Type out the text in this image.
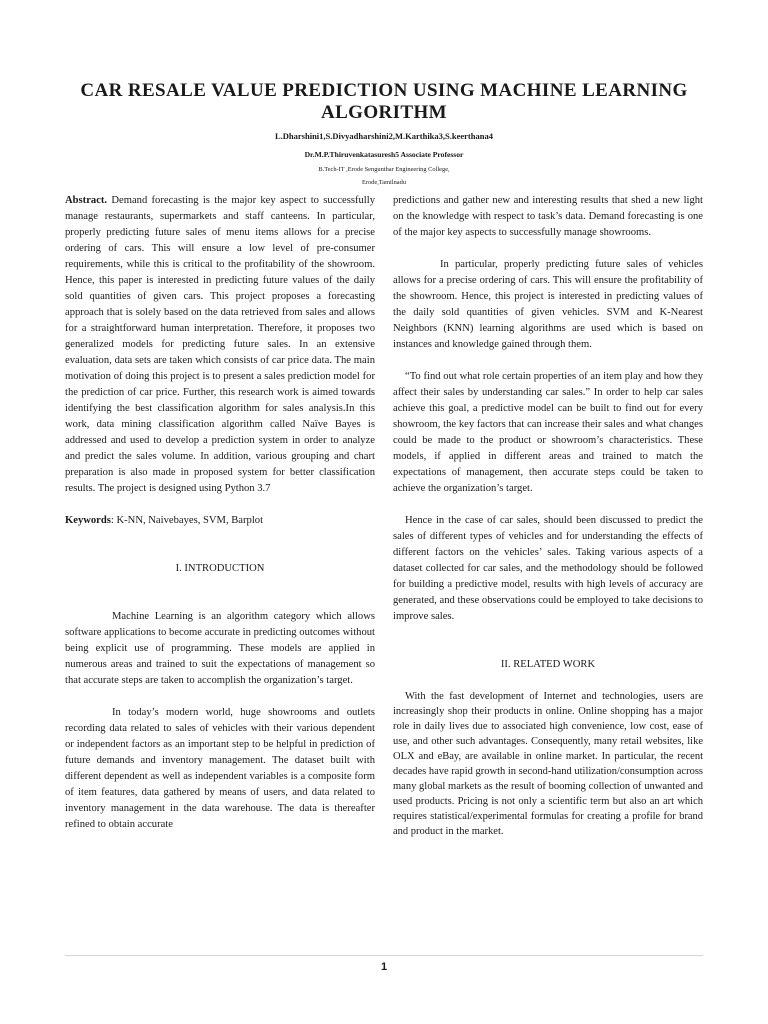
CAR RESALE VALUE PREDICTION USING MACHINE LEARNING ALGORITHM

L.Dharshini1,S.Divyadharshini2,M.Karthika3,S.keerthana4

Dr.M.P.Thiruvenkatasuresh5 Associate Professor

B.Tech-IT ,Erode Sengunthar Engineering College,

Erode,Tamilnadu

Abstract. Demand forecasting is the major key aspect to successfully manage restaurants, supermarkets and staff canteens. In particular, properly predicting future sales of menu items allows for a precise ordering of cars. This will ensure a low level of pre-consumer requirements, while this is critical to the profitability of the showroom. Hence, this paper is interested in predicting future values of the daily sold quantities of given cars. This project proposes a forecasting approach that is solely based on the data retrieved from sales and allows for a straightforward human interpretation. Therefore, it proposes two generalized models for predicting future sales. In an extensive evaluation, data sets are taken which consists of car price data. The main motivation of doing this project is to present a sales prediction model for the prediction of car price. Further, this research work is aimed towards identifying the best classification algorithm for sales analysis.In this work, data mining classification algorithm called Naïve Bayes is addressed and used to develop a prediction system in order to analyze and predict the sales volume. In addition, various grouping and chart preparation is also made in proposed system for better classification results. The project is designed using Python 3.7

Keywords: K-NN, Naivebayes, SVM, Barplot

I. INTRODUCTION

Machine Learning is an algorithm category which allows software applications to become accurate in predicting outcomes without being explicit use of programming. These models are applied in numerous areas and trained to suit the expectations of management so that accurate steps are taken to accomplish the organization’s target.

In today’s modern world, huge showrooms and outlets recording data related to sales of vehicles with their various dependent or independent factors as an important step to be helpful in prediction of future demands and inventory management. The dataset built with different dependent as well as independent variables is a composite form of item features, data gathered by means of users, and data related to inventory management in the data warehouse. The data is thereafter refined to obtain accurate

predictions and gather new and interesting results that shed a new light on the knowledge with respect to task’s data. Demand forecasting is one of the major key aspects to successfully manage showrooms.

In particular, properly predicting future sales of vehicles allows for a precise ordering of cars. This will ensure the profitability of the showroom. Hence, this project is interested in predicting values of the daily sold quantities of given vehicles. SVM and K-Nearest Neighbors (KNN) learning algorithms are used which is based on instances and knowledge gained through them.

“To find out what role certain properties of an item play and how they affect their sales by understanding car sales.” In order to help car sales achieve this goal, a predictive model can be built to find out for every showroom, the key factors that can increase their sales and what changes could be made to the product or showroom’s characteristics. These models, if applied in different areas and trained to match the expectations of management, then accurate steps could be taken to achieve the organization’s target.

Hence in the case of car sales, should been discussed to predict the sales of different types of vehicles and for understanding the effects of different factors on the vehicles’ sales. Taking various aspects of a dataset collected for car sales, and the methodology should be followed for building a predictive model, results with high levels of accuracy are generated, and these observations could be employed to take decisions to improve sales.

II. RELATED WORK

With the fast development of Internet and technologies, users are increasingly shop their products in online. Online shopping has a major role in daily lives due to associated high convenience, low cost, ease of use, and other such advantages. Consequently, many retail websites, like OLX and eBay, are available in online market. In particular, the recent decades have rapid growth in second-hand utilization/consumption across many global markets as the result of booming collection of unwanted and used products. Pricing is not only a scientific term but also an art which requires statistical/experimental formulas for creating a profile for brand and product in the market.

1
